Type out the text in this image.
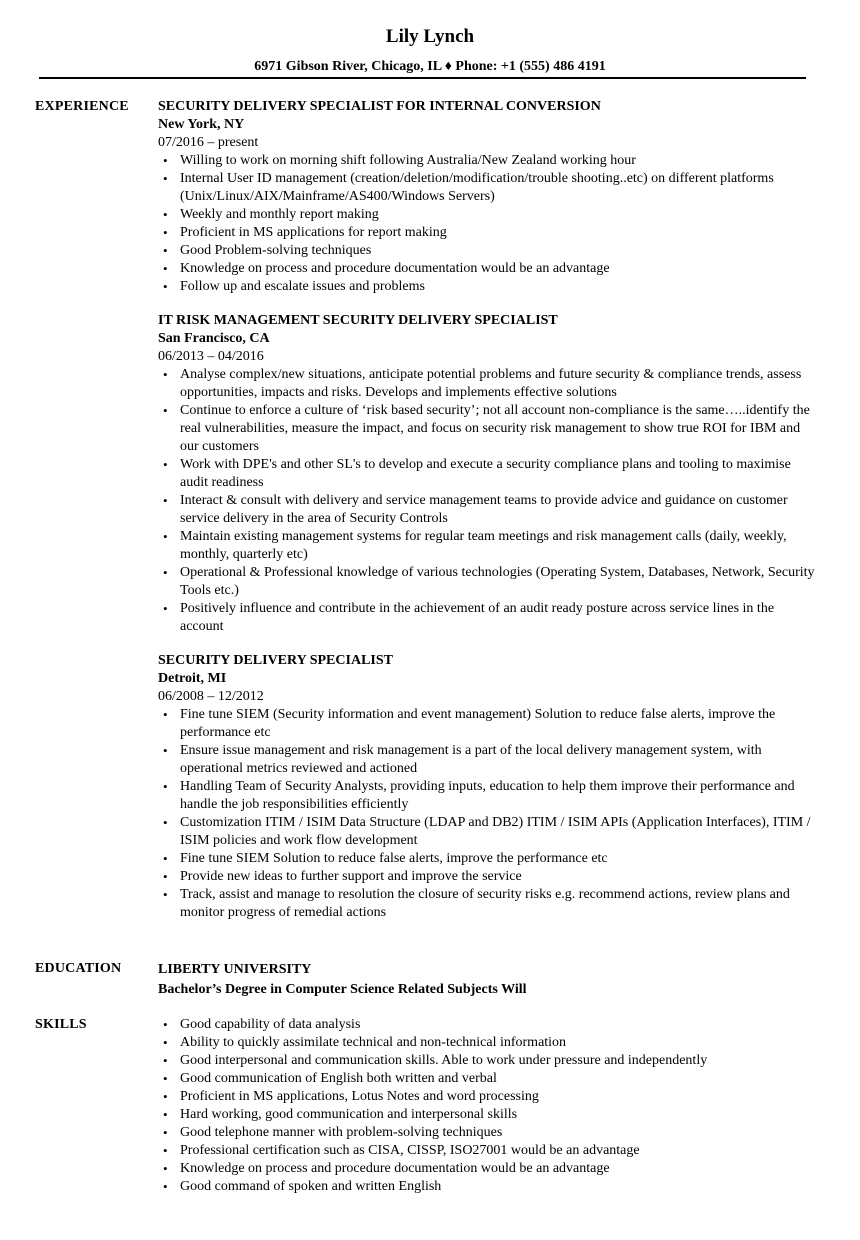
Lily Lynch
6971 Gibson River, Chicago, IL ♦ Phone: +1 (555) 486 4191
EXPERIENCE SECURITY DELIVERY SPECIALIST FOR INTERNAL CONVERSION
New York, NY
07/2016 – present
• Willing to work on morning shift following Australia/New Zealand working hour
• Internal User ID management (creation/deletion/modification/trouble shooting..etc) on different platforms (Unix/Linux/AIX/Mainframe/AS400/Windows Servers)
• Weekly and monthly report making
• Proficient in MS applications for report making
• Good Problem-solving techniques
• Knowledge on process and procedure documentation would be an advantage
• Follow up and escalate issues and problems
IT RISK MANAGEMENT SECURITY DELIVERY SPECIALIST
San Francisco, CA
06/2013 – 04/2016
• Analyse complex/new situations, anticipate potential problems and future security & compliance trends, assess opportunities, impacts and risks. Develops and implements effective solutions
• Continue to enforce a culture of ‘risk based security’; not all account non-compliance is the same…..identify the real vulnerabilities, measure the impact, and focus on security risk management to show true ROI for IBM and our customers
• Work with DPE's and other SL's to develop and execute a security compliance plans and tooling to maximise audit readiness
• Interact & consult with delivery and service management teams to provide advice and guidance on customer service delivery in the area of Security Controls
• Maintain existing management systems for regular team meetings and risk management calls (daily, weekly, monthly, quarterly etc)
• Operational & Professional knowledge of various technologies (Operating System, Databases, Network, Security Tools etc.)
• Positively influence and contribute in the achievement of an audit ready posture across service lines in the account
SECURITY DELIVERY SPECIALIST
Detroit, MI
06/2008 – 12/2012
• Fine tune SIEM (Security information and event management) Solution to reduce false alerts, improve the performance etc
• Ensure issue management and risk management is a part of the local delivery management system, with operational metrics reviewed and actioned
• Handling Team of Security Analysts, providing inputs, education to help them improve their performance and handle the job responsibilities efficiently
• Customization ITIM / ISIM Data Structure (LDAP and DB2) ITIM / ISIM APIs (Application Interfaces), ITIM / ISIM policies and work flow development
• Fine tune SIEM Solution to reduce false alerts, improve the performance etc
• Provide new ideas to further support and improve the service
• Track, assist and manage to resolution the closure of security risks e.g. recommend actions, review plans and monitor progress of remedial actions
EDUCATION	LIBERTY UNIVERSITY
Bachelor’s Degree in Computer Science Related Subjects Will
SKILLS	• Good capability of data analysis
• Ability to quickly assimilate technical and non-technical information
• Good interpersonal and communication skills. Able to work under pressure and independently
• Good communication of English both written and verbal
• Proficient in MS applications, Lotus Notes and word processing
• Hard working, good communication and interpersonal skills
• Good telephone manner with problem-solving techniques
• Professional certification such as CISA, CISSP, ISO27001 would be an advantage
• Knowledge on process and procedure documentation would be an advantage
• Good command of spoken and written English
